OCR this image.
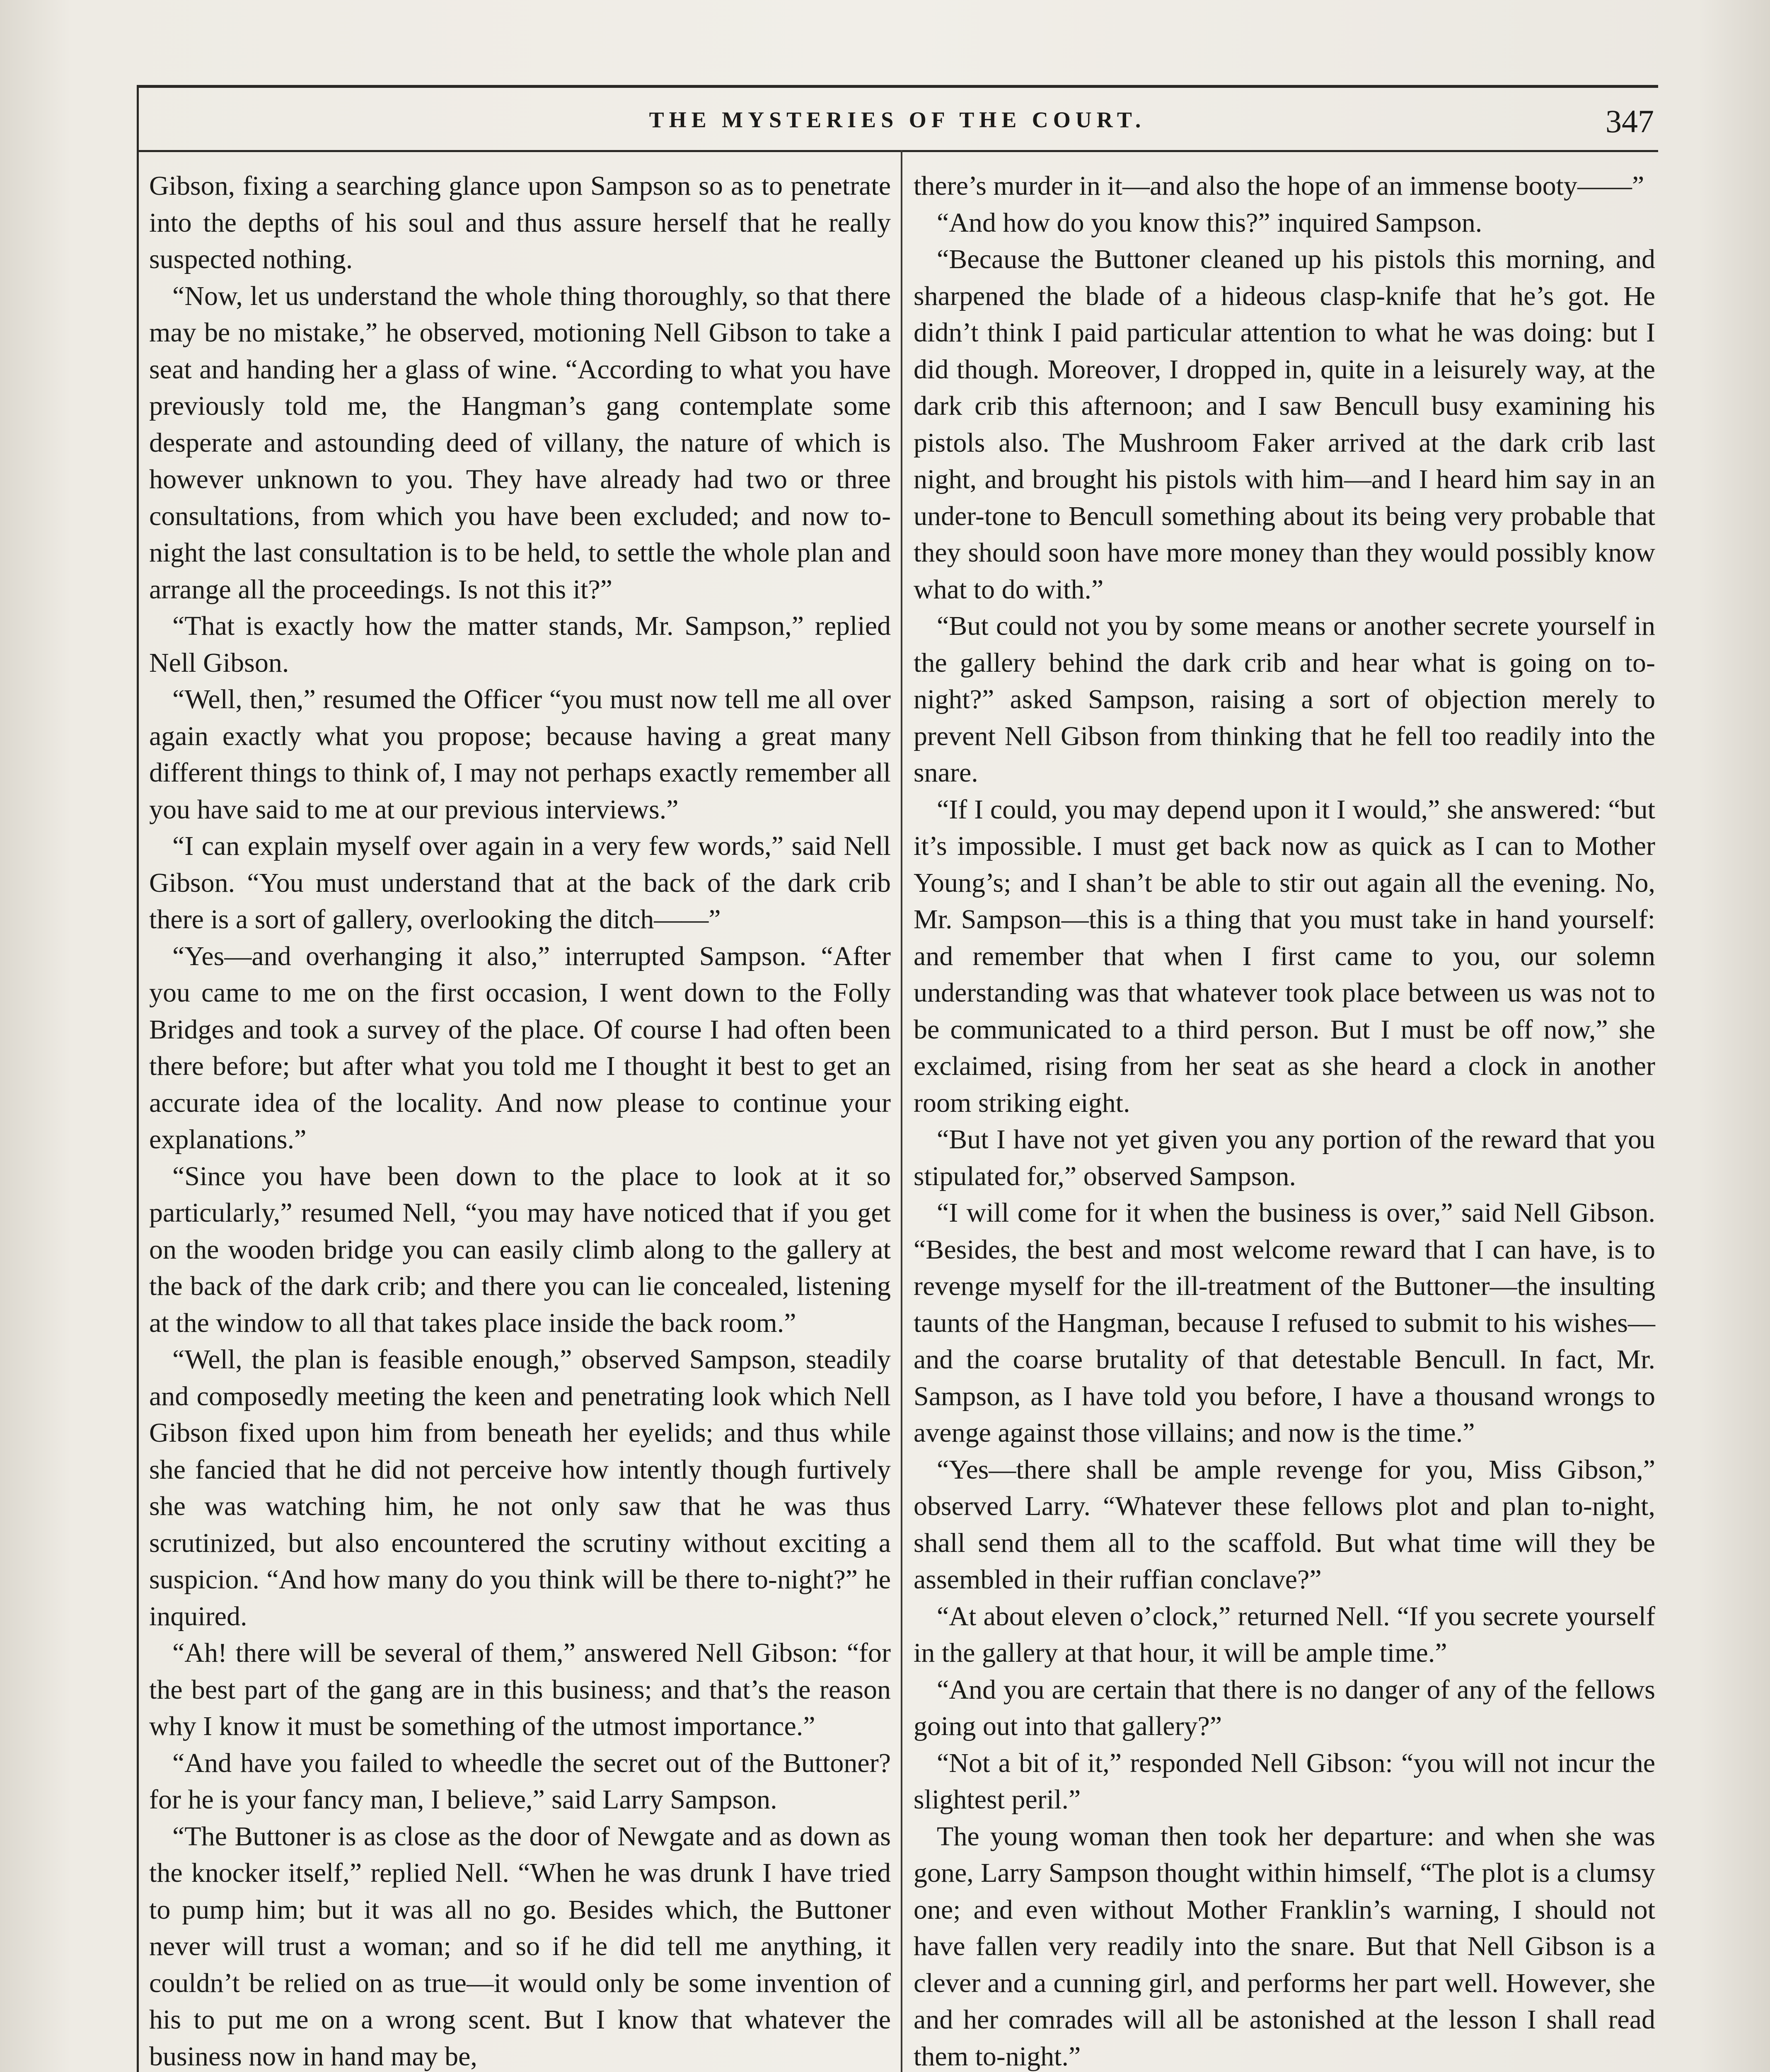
THE MYSTERIES OF THE COURT.	347

Gibson, fixing a searching glance upon Sampson so as to penetrate into the depths of his soul and thus assure herself that he really suspected nothing.

“Now, let us understand the whole thing thoroughly, so that there may be no mistake,” he observed, motioning Nell Gibson to take a seat and handing her a glass of wine. “According to what you have previously told me, the Hangman’s gang contemplate some desperate and astounding deed of villany, the nature of which is however unknown to you. They have already had two or three consultations, from which you have been excluded; and now to-night the last consultation is to be held, to settle the whole plan and arrange all the proceedings. Is not this it?”

“That is exactly how the matter stands, Mr. Sampson,” replied Nell Gibson.

“Well, then,” resumed the Officer “you must now tell me all over again exactly what you propose; because having a great many different things to think of, I may not perhaps exactly remember all you have said to me at our previous interviews.”

“I can explain myself over again in a very few words,” said Nell Gibson. “You must understand that at the back of the dark crib there is a sort of gallery, overlooking the ditch——”

“Yes—and overhanging it also,” interrupted Sampson. “After you came to me on the first occasion, I went down to the Folly Bridges and took a survey of the place. Of course I had often been there before; but after what you told me I thought it best to get an accurate idea of the locality. And now please to continue your explanations.”

“Since you have been down to the place to look at it so particularly,” resumed Nell, “you may have noticed that if you get on the wooden bridge you can easily climb along to the gallery at the back of the dark crib; and there you can lie concealed, listening at the window to all that takes place inside the back room.”

“Well, the plan is feasible enough,” observed Sampson, steadily and composedly meeting the keen and penetrating look which Nell Gibson fixed upon him from beneath her eyelids; and thus while she fancied that he did not perceive how intently though furtively she was watching him, he not only saw that he was thus scrutinized, but also encountered the scrutiny without exciting a suspicion. “And how many do you think will be there to-night?” he inquired.

“Ah! there will be several of them,” answered Nell Gibson: “for the best part of the gang are in this business; and that’s the reason why I know it must be something of the utmost importance.”

“And have you failed to wheedle the secret out of the Buttoner? for he is your fancy man, I believe,” said Larry Sampson.

“The Buttoner is as close as the door of Newgate and as down as the knocker itself,” replied Nell. “When he was drunk I have tried to pump him; but it was all no go. Besides which, the Buttoner never will trust a woman; and so if he did tell me anything, it couldn’t be relied on as true—it would only be some invention of his to put me on a wrong scent. But I know that whatever the business now in hand may be,

there’s murder in it—and also the hope of an immense booty——”

“And how do you know this?” inquired Sampson.

“Because the Buttoner cleaned up his pistols this morning, and sharpened the blade of a hideous clasp-knife that he’s got. He didn’t think I paid particular attention to what he was doing: but I did though. Moreover, I dropped in, quite in a leisurely way, at the dark crib this afternoon; and I saw Bencull busy examining his pistols also. The Mushroom Faker arrived at the dark crib last night, and brought his pistols with him—and I heard him say in an under-tone to Bencull something about its being very probable that they should soon have more money than they would possibly know what to do with.”

“But could not you by some means or another secrete yourself in the gallery behind the dark crib and hear what is going on to-night?” asked Sampson, raising a sort of objection merely to prevent Nell Gibson from thinking that he fell too readily into the snare.

“If I could, you may depend upon it I would,” she answered: “but it’s impossible. I must get back now as quick as I can to Mother Young’s; and I shan’t be able to stir out again all the evening. No, Mr. Sampson—this is a thing that you must take in hand yourself: and remember that when I first came to you, our solemn understanding was that whatever took place between us was not to be communicated to a third person. But I must be off now,” she exclaimed, rising from her seat as she heard a clock in another room striking eight.

“But I have not yet given you any portion of the reward that you stipulated for,” observed Sampson.

“I will come for it when the business is over,” said Nell Gibson. “Besides, the best and most welcome reward that I can have, is to revenge myself for the ill-treatment of the Buttoner—the insulting taunts of the Hangman, because I refused to submit to his wishes—and the coarse brutality of that detestable Bencull. In fact, Mr. Sampson, as I have told you before, I have a thousand wrongs to avenge against those villains; and now is the time.”

“Yes—there shall be ample revenge for you, Miss Gibson,” observed Larry. “Whatever these fellows plot and plan to-night, shall send them all to the scaffold. But what time will they be assembled in their ruffian conclave?”

“At about eleven o’clock,” returned Nell. “If you secrete yourself in the gallery at that hour, it will be ample time.”

“And you are certain that there is no danger of any of the fellows going out into that gallery?”

“Not a bit of it,” responded Nell Gibson: “you will not incur the slightest peril.”

The young woman then took her departure: and when she was gone, Larry Sampson thought within himself, “The plot is a clumsy one; and even without Mother Franklin’s warning, I should not have fallen very readily into the snare. But that Nell Gibson is a clever and a cunning girl, and performs her part well. However, she and her comrades will all be astonished at the lesson I shall read them to-night.”
